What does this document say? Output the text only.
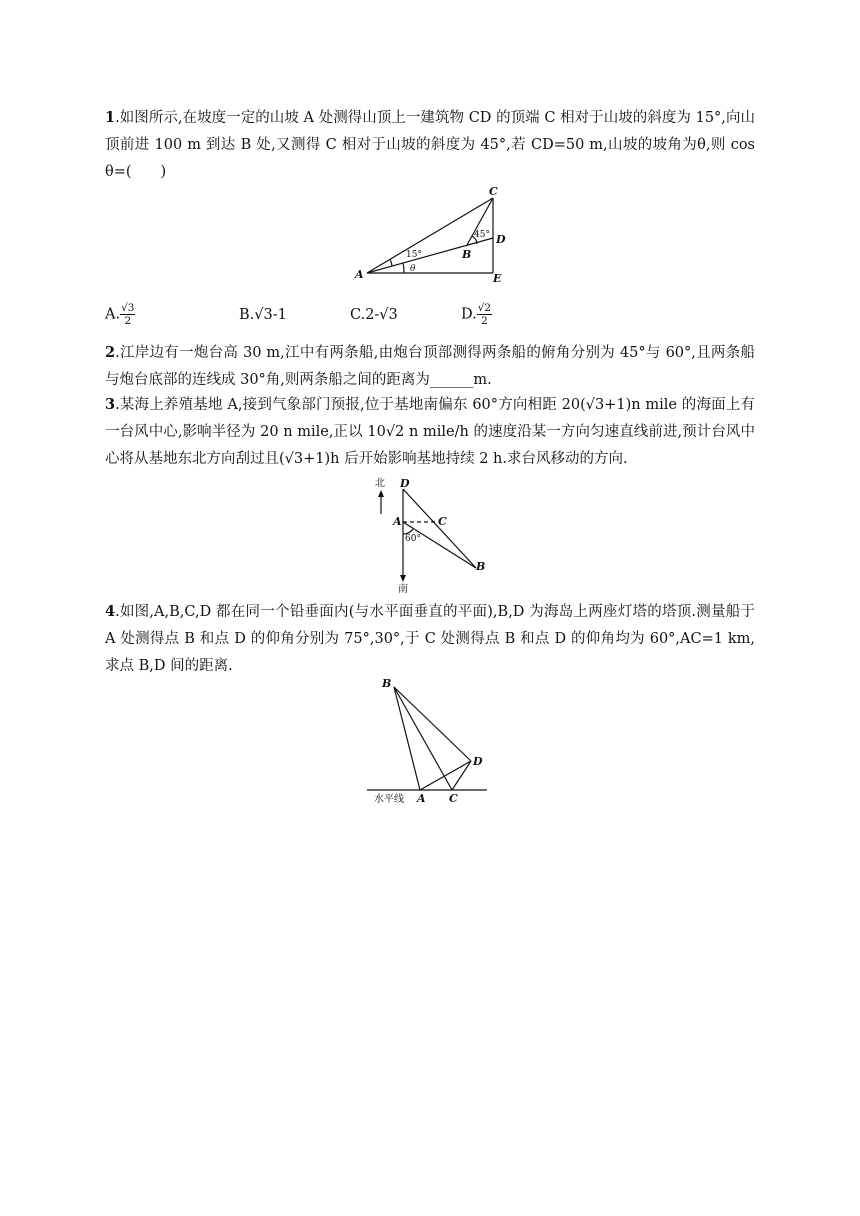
1.如图所示,在坡度一定的山坡 A 处测得山顶上一建筑物 CD 的顶端 C 相对于山坡的斜度为 15°,向山顶前进 100 m 到达 B 处,又测得 C 相对于山坡的斜度为 45°,若 CD=50 m,山坡的坡角为θ,则 cos θ=(　　)
C
D
B
A	E
15°
45°
θ
A. $\frac{√3}{2}$	B.√3-1	C.2-√3	D. $\frac{√2}{2}$
2.江岸边有一炮台高 30 m,江中有两条船,由炮台顶部测得两条船的俯角分别为 45°与 60°,且两条船与炮台底部的连线成 30°角,则两条船之间的距离为______m.
3.某海上养殖基地 A,接到气象部门预报,位于基地南偏东 60°方向相距 20(√3+1)n mile 的海面上有一台风中心,影响半径为 20 n mile,正以 10√2 n mile/h 的速度沿某一方向匀速直线前进,预计台风中心将从基地东北方向刮过且(√3+1)h 后开始影响基地持续 2 h.求台风移动的方向.
北
南
60°
D
A	C
B
4.如图,A,B,C,D 都在同一个铅垂面内(与水平面垂直的平面),B,D 为海岛上两座灯塔的塔顶.测量船于 A 处测得点 B 和点 D 的仰角分别为 75°,30°,于 C 处测得点 B 和点 D 的仰角均为 60°,AC=1 km,求点 B,D 间的距离.
B
D
A C
水平线
